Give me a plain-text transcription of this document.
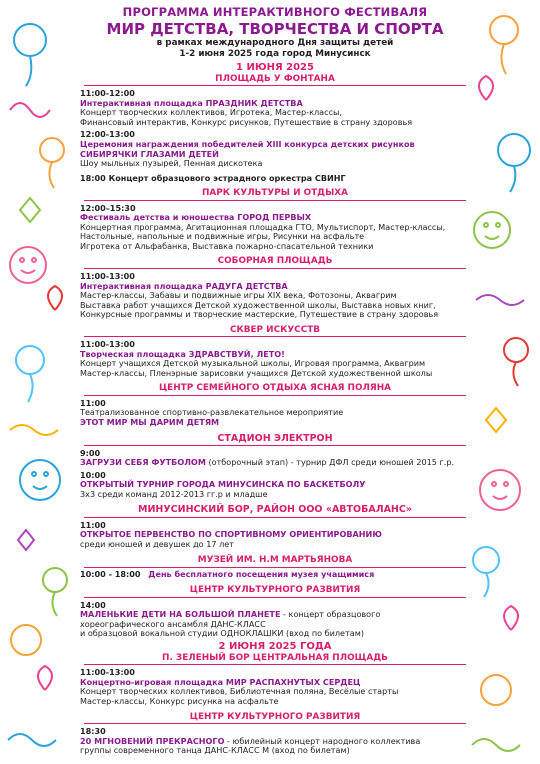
ПРОГРАММА ИНТЕРАКТИВНОГО ФЕСТИВАЛЯ
МИР ДЕТСТВА, ТВОРЧЕСТВА И СПОРТА
в рамках международного Дня защиты детей
1-2 июня 2025 года город Минусинск
1 ИЮНЯ 2025
ПЛОЩАДЬ У ФОНТАНА
11:00-12:00
Интерактивная площадка ПРАЗДНИК ДЕТСТВА
Концерт творческих коллективов, Игротека, Мастер-классы,
Финансовый интерактив, Конкурс рисунков, Путешествие в страну здоровья
12:00-13:00
Церемония награждения победителей XIII конкурса детских рисунков
СИБИРЯЧКИ ГЛАЗАМИ ДЕТЕЙ
Шоу мыльных пузырей, Пенная дискотека
18:00 Концерт образцового эстрадного оркестра СВИНГ
ПАРК КУЛЬТУРЫ И ОТДЫХА
12:00–15:30
Фестиваль детства и юношества ГОРОД ПЕРВЫХ
Концертная программа, Агитационная площадка ГТО, Мультиспорт, Мастер-классы,
Настольные, напольные и подвижные игры, Рисунки на асфальте
Игротека от Альфабанка, Выставка пожарно-спасательной техники
СОБОРНАЯ ПЛОЩАДЬ
11:00-13:00
Интерактивная площадка РАДУГА ДЕТСТВА
Мастер-классы, Забавы и подвижные игры XIX века, Фотозоны, Аквагрим
Выставка работ учащихся Детской художественной школы, Выставка новых книг,
Конкурсные программы и творческие мастерские, Путешествие в страну здоровья
СКВЕР ИСКУССТВ
11:00-13:00
Творческая площадка ЗДРАВСТВУЙ, ЛЕТО!
Концерт учащихся Детской музыкальной школы, Игровая программа, Аквагрим
Мастер-классы, Пленэрные зарисовки учащихся Детской художественной школы
ЦЕНТР СЕМЕЙНОГО ОТДЫХА ЯСНАЯ ПОЛЯНА
11:00
Театрализованное спортивно-развлекательное мероприятие
ЭТОТ МИР МЫ ДАРИМ ДЕТЯМ
СТАДИОН ЭЛЕКТРОН
9:00
ЗАГРУЗИ СЕБЯ ФУТБОЛОМ (отборочный этап) - турнир ДФЛ среди юношей 2015 г.р.
10:00
ОТКРЫТЫЙ ТУРНИР ГОРОДА МИНУСИНСКА ПО БАСКЕТБОЛУ
3х3 среди команд 2012-2013 гг.р и младше
МИНУСИНСКИЙ БОР, РАЙОН ООО «АВТОБАЛАНС»
11:00
ОТКРЫТОЕ ПЕРВЕНСТВО ПО СПОРТИВНОМУ ОРИЕНТИРОВАНИЮ
среди юношей и девушек до 17 лет
МУЗЕЙ ИМ. Н.М МАРТЬЯНОВА
10:00 - 18:00 День бесплатного посещения музея учащимися
ЦЕНТР КУЛЬТУРНОГО РАЗВИТИЯ
14:00
МАЛЕНЬКИЕ ДЕТИ НА БОЛЬШОЙ ПЛАНЕТЕ - концерт образцового
хореографического ансамбля ДАНС-КЛАСС
и образцовой вокальной студии ОДНОКЛАШКИ (вход по билетам)
2 ИЮНЯ 2025 ГОДА
П. ЗЕЛЕНЫЙ БОР ЦЕНТРАЛЬНАЯ ПЛОЩАДЬ
11:00-13:00
Концертно-игровая площадка МИР РАСПАХНУТЫХ СЕРДЕЦ
Концерт творческих коллективов, Библиотечная поляна, Весёлые старты
Мастер-классы, Конкурс рисунка на асфальте
ЦЕНТР КУЛЬТУРНОГО РАЗВИТИЯ
18:30
20 МГНОВЕНИЙ ПРЕКРАСНОГО - юбилейный концерт народного коллектива
группы современного танца ДАНС-КЛАСС М (вход по билетам)
